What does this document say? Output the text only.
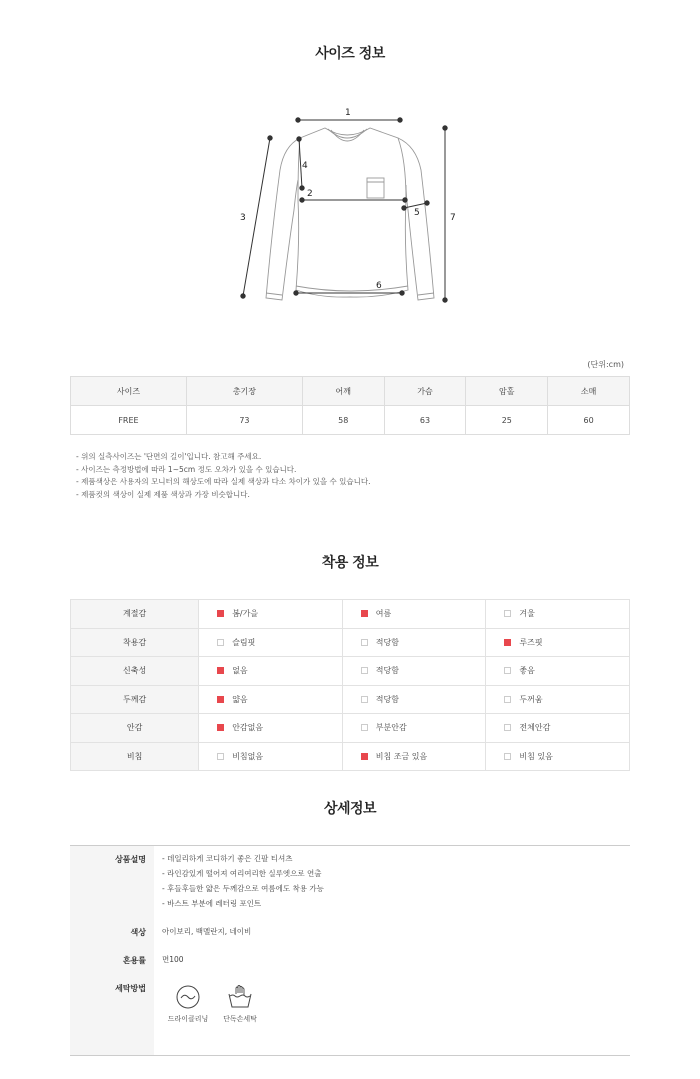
사이즈 정보
1
2
3
4
5
6
7
(단위:cm)
사이즈	총기장	어깨	가슴	암홀	소매
FREE	73	58	63	25	60
- 위의 실측사이즈는 '단면의 길이'입니다. 참고해 주세요.
- 사이즈는 측정방법에 따라 1~5cm 정도 오차가 있을 수 있습니다.
- 제품색상은 사용자의 모니터의 해상도에 따라 실제 색상과 다소 차이가 있을 수 있습니다.
- 제품컷의 색상이 실제 제품 색상과 가장 비슷합니다.
착용 정보
계절감	봄/가을	여름	겨울
착용감	슬림핏	적당함	루즈핏
신축성	없음	적당함	좋음
두께감	얇음	적당함	두꺼움
안감	안감없음	부분안감	전체안감
비침	비침없음	비침 조금 있음	비침 있음
상세정보
상품설명 - 데일리하게 코디하기 좋은 긴팔 티셔츠
- 라인감있게 떨어져 여리여리한 실루엣으로 연출
- 후들후들한 얇은 두께감으로 여름에도 착용 가능
- 바스트 부분에 레터링 포인트
색상 아이보리, 백멜란지, 네이비
혼용률 면100
세탁방법
드라이클리닝	단독손세탁
